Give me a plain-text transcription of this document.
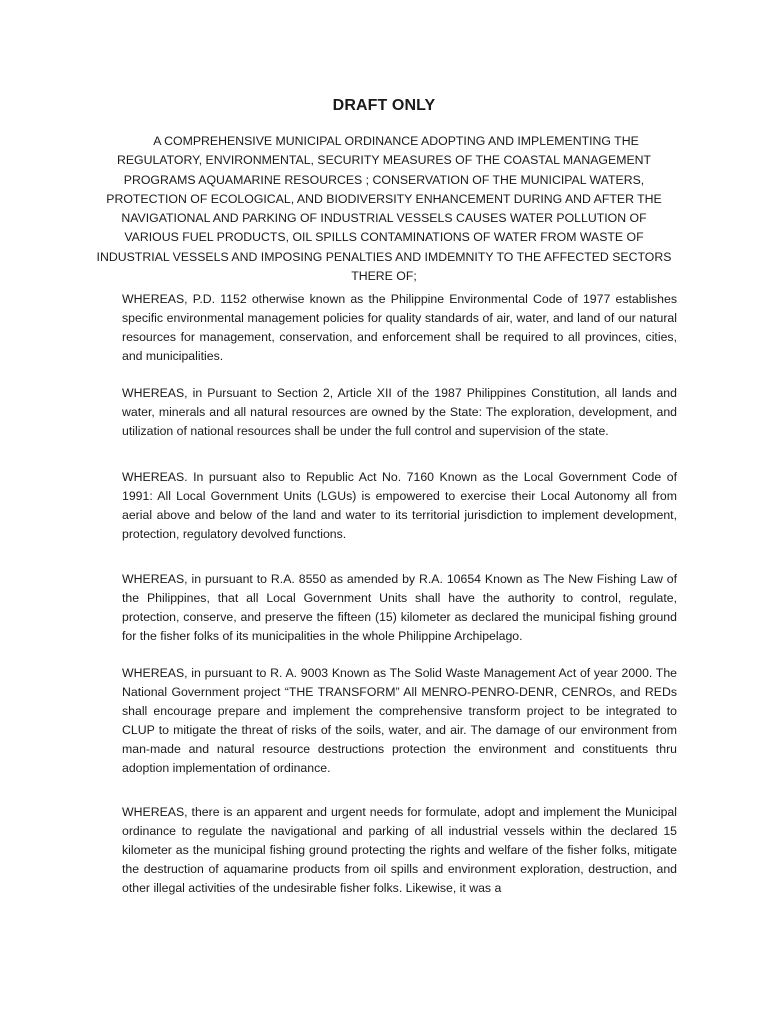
DRAFT ONLY
A COMPREHENSIVE MUNICIPAL ORDINANCE ADOPTING AND IMPLEMENTING THE REGULATORY, ENVIRONMENTAL, SECURITY MEASURES OF THE COASTAL MANAGEMENT PROGRAMS AQUAMARINE RESOURCES ; CONSERVATION OF THE MUNICIPAL WATERS, PROTECTION OF ECOLOGICAL, AND BIODIVERSITY ENHANCEMENT DURING AND AFTER THE NAVIGATIONAL AND PARKING OF INDUSTRIAL VESSELS CAUSES WATER POLLUTION OF VARIOUS FUEL PRODUCTS, OIL SPILLS CONTAMINATIONS OF WATER FROM WASTE OF INDUSTRIAL VESSELS AND IMPOSING PENALTIES AND IMDEMNITY TO THE AFFECTED SECTORS THERE OF;

WHEREAS, P.D. 1152 otherwise known as the Philippine Environmental Code of 1977 establishes specific environmental management policies for quality standards of air, water, and land of our natural resources for management, conservation, and enforcement shall be required to all provinces, cities, and municipalities.

WHEREAS, in Pursuant to Section 2, Article XII of the 1987 Philippines Constitution, all lands and water, minerals and all natural resources are owned by the State: The exploration, development, and utilization of national resources shall be under the full control and supervision of the state.

WHEREAS. In pursuant also to Republic Act No. 7160 Known as the Local Government Code of 1991: All Local Government Units (LGUs) is empowered to exercise their Local Autonomy all from aerial above and below of the land and water to its territorial jurisdiction to implement development, protection, regulatory devolved functions.

WHEREAS, in pursuant to R.A. 8550 as amended by R.A. 10654 Known as The New Fishing Law of the Philippines, that all Local Government Units shall have the authority to control, regulate, protection, conserve, and preserve the fifteen (15) kilometer as declared the municipal fishing ground for the fisher folks of its municipalities in the whole Philippine Archipelago.

WHEREAS, in pursuant to R. A. 9003 Known as The Solid Waste Management Act of year 2000. The National Government project “THE TRANSFORM” All MENRO-PENRO-DENR, CENROs, and REDs shall encourage prepare and implement the comprehensive transform project to be integrated to CLUP to mitigate the threat of risks of the soils, water, and air. The damage of our environment from man-made and natural resource destructions protection the environment and constituents thru adoption implementation of ordinance.

WHEREAS, there is an apparent and urgent needs for formulate, adopt and implement the Municipal ordinance to regulate the navigational and parking of all industrial vessels within the declared 15 kilometer as the municipal fishing ground protecting the rights and welfare of the fisher folks, mitigate the destruction of aquamarine products from oil spills and environment exploration, destruction, and other illegal activities of the undesirable fisher folks. Likewise, it was a
